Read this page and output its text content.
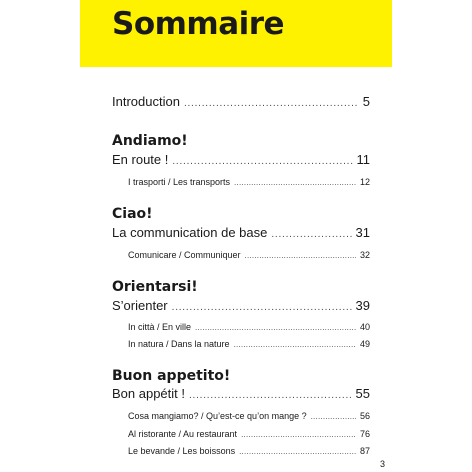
Sommaire
Introduction . . .	5
Andiamo!
En route ! . . .	11
I trasporti / Les transports . . .	12
Ciao!
La communication de base . . .	31
Comunicare / Communiquer . . .	32
Orientarsi!
S’orienter . . .	39
In città / En ville . . .	40
In natura / Dans la nature . . .	49
Buon appetito!
Bon appétit ! . . .	55
Cosa mangiamo? / Qu’est-ce qu’on mange ? . . .	56
Al ristorante / Au restaurant . . .	76
Le bevande / Les boissons . . .	87
3
